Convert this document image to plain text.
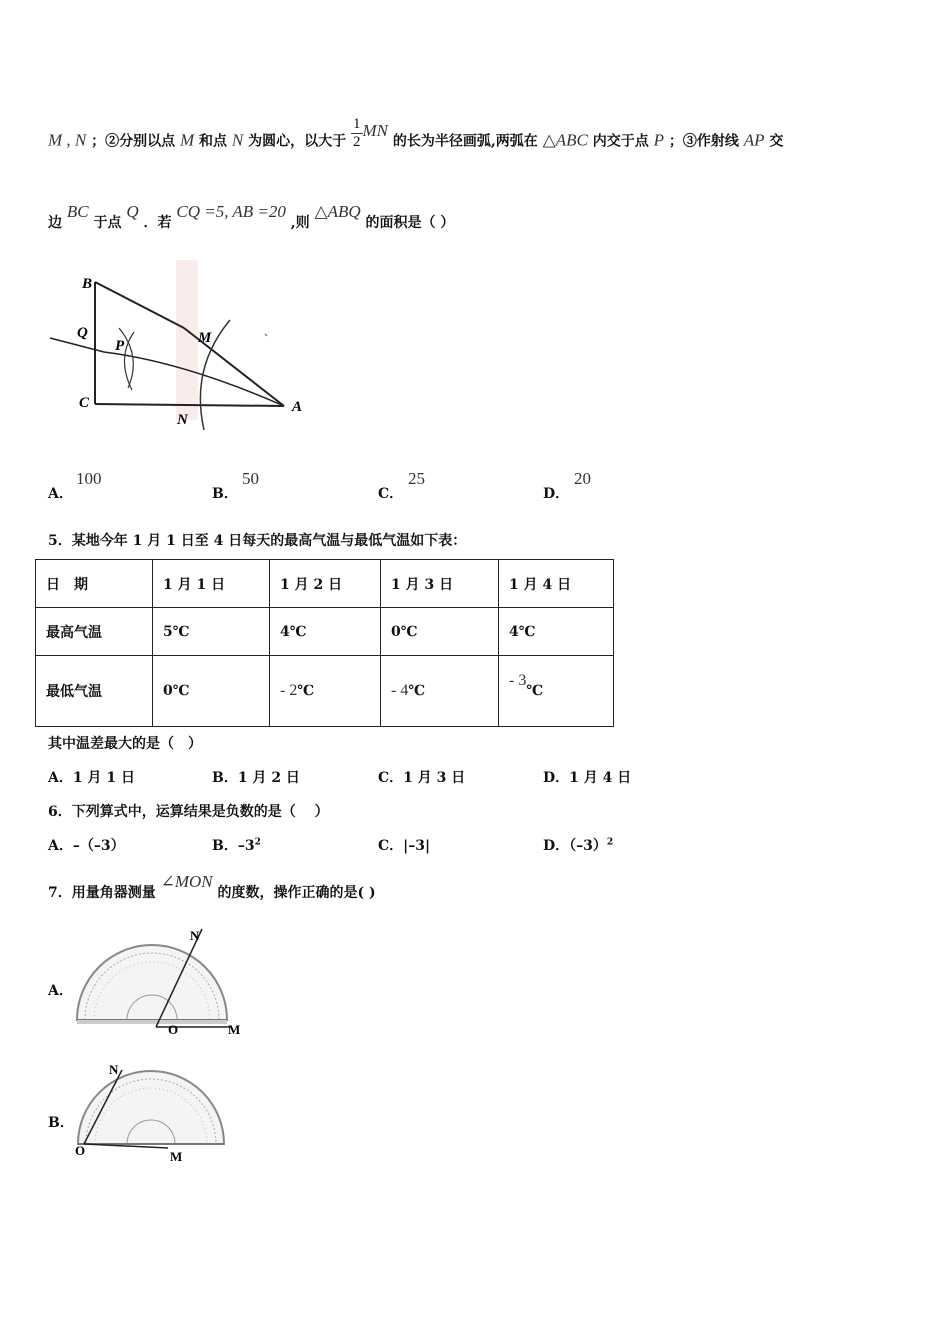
M , N ；②分别以点 M 和点 N 为圆心，以大于 $\frac{1}{2}$ MN 的长为半径画弧,两弧在 △ABC 内交于点 P ；③作射线 AP 交
边 BC 于点 Q ．若 CQ =5, AB =20 ,则 △ABQ 的面积是（ ）
B
Q
P	M
C
N
A
A．
100
B．
50
C．
25
D．
20
5．某地今年 1 月 1 日至 4 日每天的最高气温与最低气温如下表：
日　期	1 月 1 日	1 月 2 日	1 月 3 日	1 月 4 日
最高气温	5℃	4℃	0℃	4℃
最低气温	0℃	- 2℃	- 4℃	- 3℃
其中温差最大的是（　）
A．1 月 1 日	B．1 月 2 日	C．1 月 3 日	D．1 月 4 日
6．下列算式中，运算结果是负数的是（　 ）
A．–（–3）	B．$-3^2$	C．|–3|	D．$(-3)^2$
7．用量角器测量 ∠MON 的度数，操作正确的是( )
A．
N
O	M
B．
N
O	M
